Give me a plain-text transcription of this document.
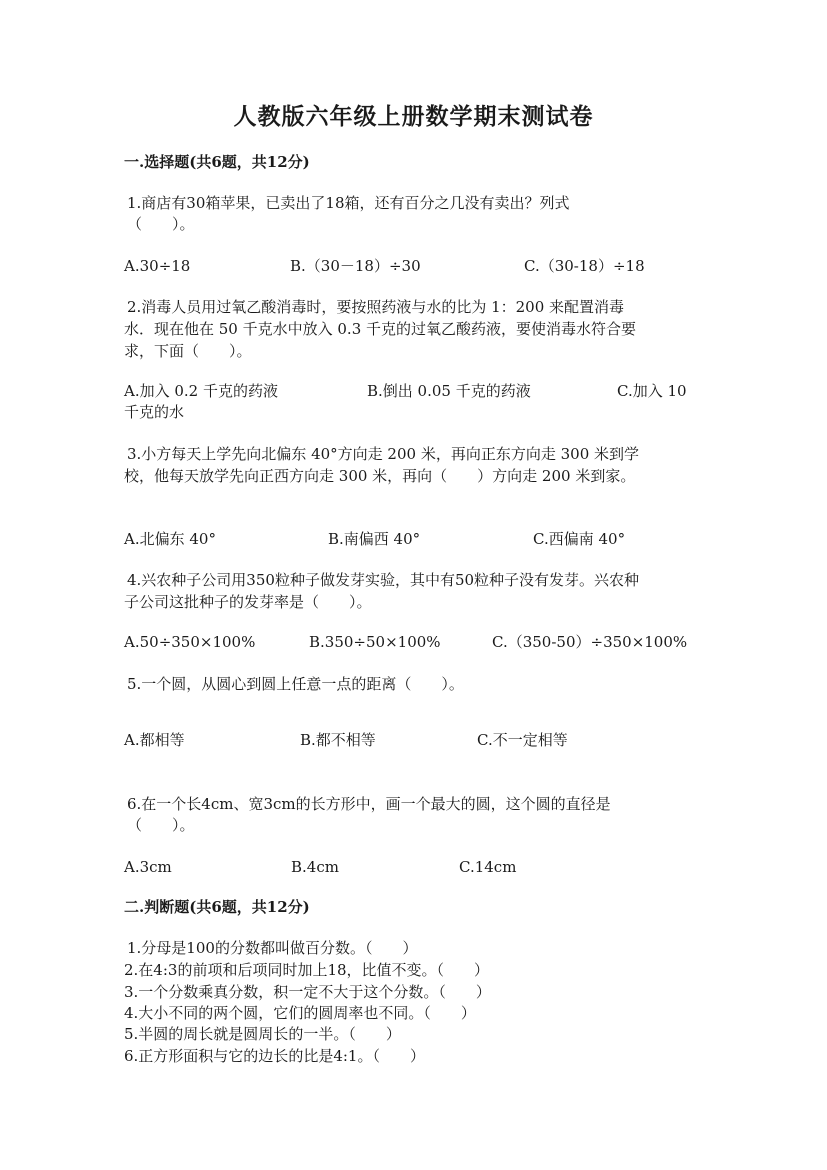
人教版六年级上册数学期末测试卷
一.选择题(共6题，共12分)
1.商店有30箱苹果，已卖出了18箱，还有百分之几没有卖出？列式
（　　）。
A.30÷18	B.（30－18）÷30	C.（30-18）÷18
2.消毒人员用过氧乙酸消毒时，要按照药液与水的比为 1：200 来配置消毒
水．现在他在 50 千克水中放入 0.3 千克的过氧乙酸药液，要使消毒水符合要
求，下面（　　）。
A.加入 0.2 千克的药液	B.倒出 0.05 千克的药液	C.加入 10
千克的水
3.小方每天上学先向北偏东 40°方向走 200 米，再向正东方向走 300 米到学
校，他每天放学先向正西方向走 300 米，再向（　　）方向走 200 米到家。
A.北偏东 40°	B.南偏西 40°	C.西偏南 40°
4.兴农种子公司用350粒种子做发芽实验，其中有50粒种子没有发芽。兴农种
子公司这批种子的发芽率是（　　）。
A.50÷350×100%	B.350÷50×100%	C.（350-50）÷350×100%
5.一个圆，从圆心到圆上任意一点的距离（　　）。
A.都相等	B.都不相等	C.不一定相等
6.在一个长4cm、宽3cm的长方形中，画一个最大的圆，这个圆的直径是
（　　）。
A.3cm	B.4cm	C.14cm
二.判断题(共6题，共12分)
1.分母是100的分数都叫做百分数。（　　）
2.在4:3的前项和后项同时加上18，比值不变。（　　）
3.一个分数乘真分数，积一定不大于这个分数。（　　）
4.大小不同的两个圆，它们的圆周率也不同。（　　）
5.半圆的周长就是圆周长的一半。（　　）
6.正方形面积与它的边长的比是4:1。（　　）
